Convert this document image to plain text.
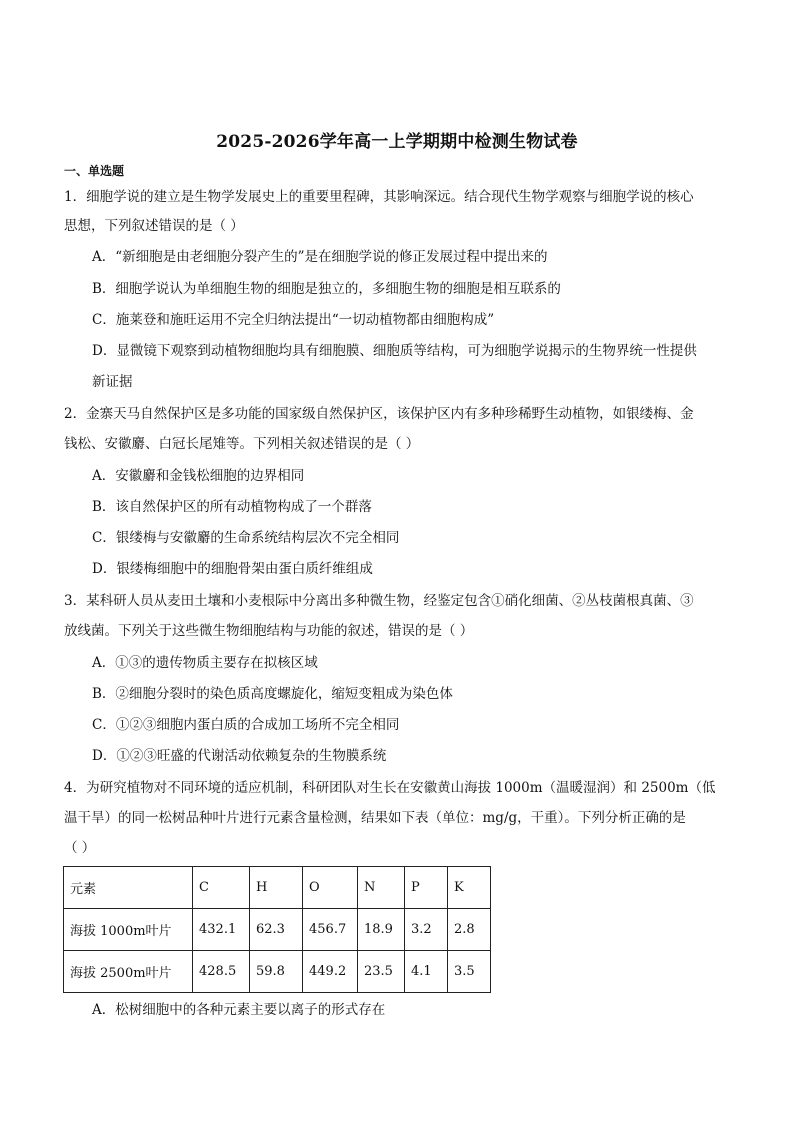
2025-2026学年高一上学期期中检测生物试卷
一、单选题
1．细胞学说的建立是生物学发展史上的重要里程碑，其影响深远。结合现代生物学观察与细胞学说的核心
思想，下列叙述错误的是（ ）
A．“新细胞是由老细胞分裂产生的”是在细胞学说的修正发展过程中提出来的
B．细胞学说认为单细胞生物的细胞是独立的，多细胞生物的细胞是相互联系的
C．施莱登和施旺运用不完全归纳法提出“一切动植物都由细胞构成”
D．显微镜下观察到动植物细胞均具有细胞膜、细胞质等结构，可为细胞学说揭示的生物界统一性提供
新证据
2．金寨天马自然保护区是多功能的国家级自然保护区，该保护区内有多种珍稀野生动植物，如银缕梅、金
钱松、安徽麝、白冠长尾雉等。下列相关叙述错误的是（ ）
A．安徽麝和金钱松细胞的边界相同
B．该自然保护区的所有动植物构成了一个群落
C．银缕梅与安徽麝的生命系统结构层次不完全相同
D．银缕梅细胞中的细胞骨架由蛋白质纤维组成
3．某科研人员从麦田土壤和小麦根际中分离出多种微生物，经鉴定包含①硝化细菌、②丛枝菌根真菌、③
放线菌。下列关于这些微生物细胞结构与功能的叙述，错误的是（ ）
A．①③的遗传物质主要存在拟核区域
B．②细胞分裂时的染色质高度螺旋化，缩短变粗成为染色体
C．①②③细胞内蛋白质的合成加工场所不完全相同
D．①②③旺盛的代谢活动依赖复杂的生物膜系统
4．为研究植物对不同环境的适应机制，科研团队对生长在安徽黄山海拔 1000m（温暖湿润）和 2500m（低
温干旱）的同一松树品种叶片进行元素含量检测，结果如下表（单位：mg/g，干重）。下列分析正确的是
（ ）
元素	C	H	O	N	P	K
海拔 1000m叶片	432.1	62.3	456.7	18.9	3.2	2.8
海拔 2500m叶片	428.5	59.8	449.2	23.5	4.1	3.5
A．松树细胞中的各种元素主要以离子的形式存在
